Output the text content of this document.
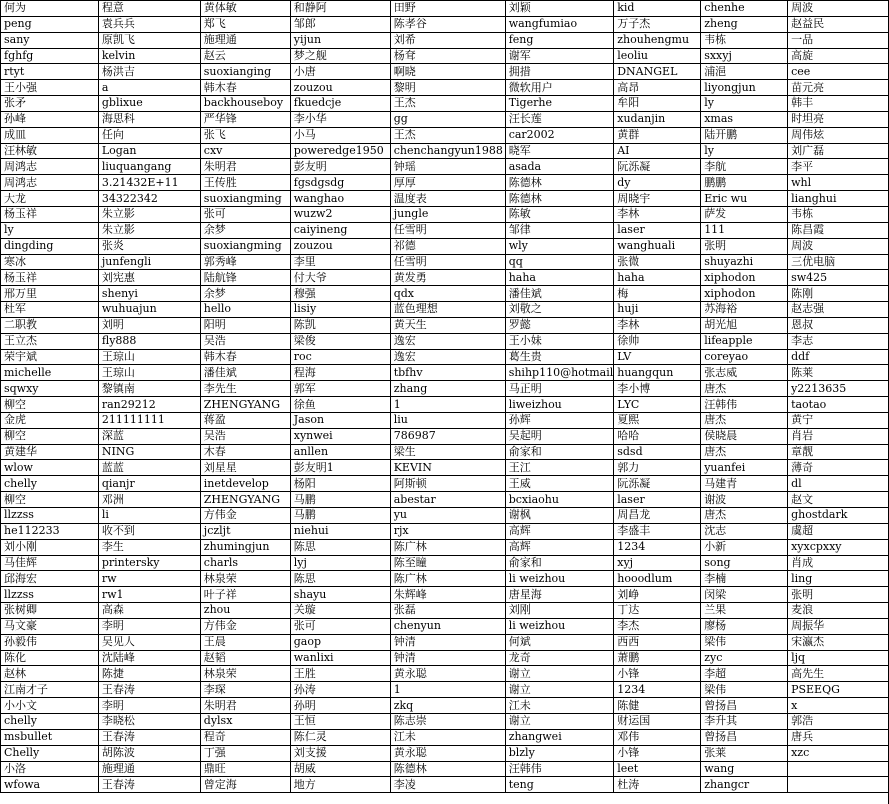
何为	程意	黄体敏	和静阿	田野	刘颖	kid	chenhe	周波
peng	袁兵兵	郑飞	邹郎	陈孝谷	wangfumiao	万子杰	zheng	赵益民
sany	原凯飞	施理通	yijun	刘希	feng	zhouhengmu	韦栋	一品
fghfg	kelvin	赵云	梦之舰	杨耷	谢军	leoliu	sxxyj	高旋
rtyt	杨洪吉	suoxianging	小唐	啊晓	拥措	DNANGEL	浦浥	cee
王小强	a	韩木春	zouzou	黎明	微软用户	高昂	liyongjun	苗元亮
张矛	gblixue	backhouseboy	fkuedcje	王杰	Tigerhe	牟阳	ly	韩丰
孙峰	海思科	严华锋	李小华	gg	汪长莲	xudanjin	xmas	时坦亮
成皿	任向	张飞	小马	王杰	car2002	黄群	陆开鹏	周伟炫
汪林敏	Logan	cxv	poweredge1950	chenchangyun1988	晓军	AI	ly	刘广磊
周鸿志	liuquangang	朱明君	彭友明	钟瑶	asada	阮泺凝	李航	李平
周鸿志	3.21432E+11	王传胜	fgsdgsdg	厚厚	陈德林	dy	鹏鹏	whl
大龙	34322342	suoxiangming	wanghao	温度表	陈德林	周晓宇	Eric wu	lianghui
杨玉祥	朱立影	张可	wuzw2	jungle	陈敏	李林	萨发	韦栋
ly	朱立影	余梦	caiyineng	任雪明	邹律	laser	111	陈昌霞
dingding	张炎	suoxiangming	zouzou	祁德	wly	wanghuali	张明	周波
寒冰	junfengli	郭秀峰	李里	任雪明	qq	张微	shuyazhi	三优电脑
杨玉祥	刘宪惠	陆航锋	付大爷	黄发勇	haha	haha	xiphodon	sw425
邢万里	shenyi	余梦	穆强	qdx	潘佳斌	梅	xiphodon	陈刚
杜军	wuhuajun	hello	lisiy	蓝色理想	刘敬之	huji	苏海裕	赵志强
二职教	刘明	阳明	陈凯	黄天生	罗懿	李林	胡光旭	恩叔
王立杰	fly888	吴浩	梁俊	逸宏	王小妹	徐帅	lifeapple	李志
荣宇斌	王琼山	韩木春	roc	逸宏	葛生贵	LV	coreyao	ddf
michelle	王琼山	潘佳斌	程海	tbfhv	shihp110@hotmail	huangqun	张志威	陈莱
sqwxy	黎镇南	李先生	郭军	zhang	马正明	李小博	唐杰	y2213635
柳空	ran29212	ZHENGYANG	徐鱼	1	liweizhou	LYC	汪韩伟	taotao
金虎	211111111	蒋盈	Jason	liu	孙辉	夏熙	唐杰	黄宁
柳空	深蓝	吴浩	xynwei	786987	吴起明	哈哈	侯晓晨	肖岩
黄建华	NING	木春	anllen	梁生	俞家和	sdsd	唐杰	章靓
wlow	蓝蓝	刘星星	彭友明1	KEVIN	王江	郭力	yuanfei	薄奇
chelly	qianjr	inetdevelop	杨阳	阿斯顿	王威	阮泺凝	马建青	dl
柳空	邓洲	ZHENGYANG	马鹏	abestar	bcxiaohu	laser	谢波	赵文
llzzss	li	方伟金	马鹏	yu	谢枫	周昌龙	唐杰	ghostdark
he112233	收不到	jczljt	niehui	rjx	高辉	李盛丰	沈志	虞超
刘小刚	李生	zhumingjun	陈思	陈广林	高辉	1234	小新	xyxcpxxy
马佳辉	printersky	charls	lyj	陈至瞳	俞家和	xyj	song	肖成
邱海宏	rw	林泉荣	陈思	陈广林	li weizhou	hooodlum	李楠	ling
llzzss	rw1	叶子祥	shayu	朱辉峰	唐星海	刘峥	闵梁	张明
张树卿	高森	zhou	关璇	张磊	刘刚	丁达	兰果	麦浪
马文豪	李明	方伟金	张可	chenyun	li weizhou	李杰	廖杨	周振华
孙毅伟	吴见人	王晨	gaop	钟清	何斌	西西	梁伟	宋瀛杰
陈化	沈陆峰	赵韬	wanlixi	钟清	龙奇	萧鹏	zyc	ljq
赵林	陈捷	林泉荣	王胜	黄永聪	谢立	小锋	李超	高先生
江南才子	王春涛	李琛	孙涛	1	谢立	1234	梁伟	PSEEQG
小小文	李明	朱明君	孙明	zkq	江未	陈健	曾扬昌	x
chelly	李晓松	dylsx	王恒	陈志崇	谢立	财运国	李升其	郭浩
msbullet	王春涛	程奇	陈仁灵	江未	zhangwei	邓伟	曾扬昌	唐兵
Chelly	胡陈波	丁强	刘支援	黄永聪	blzly	小锋	张莱	xzc
小洛	施理通	鼎旺	胡威	陈德林	汪韩伟	leet	wang	
wfowa	王春涛	曾定海	地方	李凌	teng	杜涛	zhangcr	
